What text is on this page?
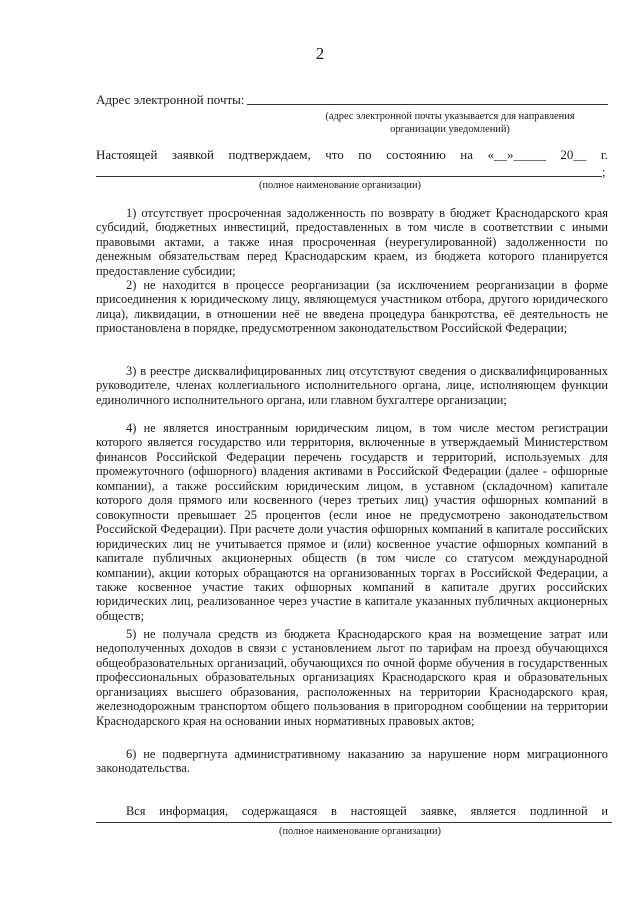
2
Адрес электронной почты:
(адрес электронной почты указывается для направления организации уведомлений)
Настоящей заявкой подтверждаем, что по состоянию на «__»_____ 20__ г.
;
(полное наименование организации)
1) отсутствует просроченная задолженность по возврату в бюджет Краснодарского края субсидий, бюджетных инвестиций, предоставленных в том числе в соответствии с иными правовыми актами, а также иная просроченная (неурегулированной) задолженности по денежным обязательствам перед Краснодарским краем, из бюджета которого планируется предоставление субсидии;
2) не находится в процессе реорганизации (за исключением реорганизации в форме присоединения к юридическому лицу, являющемуся участником отбора, другого юридического лица), ликвидации, в отношении неё не введена процедура банкротства, её деятельность не приостановлена в порядке, предусмотренном законодательством Российской Федерации;
3) в реестре дисквалифицированных лиц отсутствуют сведения о дисквалифицированных руководителе, членах коллегиального исполнительного органа, лице, исполняющем функции единоличного исполнительного органа, или главном бухгалтере организации;
4) не является иностранным юридическим лицом, в том числе местом регистрации которого является государство или территория, включенные в утверждаемый Министерством финансов Российской Федерации перечень государств и территорий, используемых для промежуточного (офшорного) владения активами в Российской Федерации (далее - офшорные компании), а также российским юридическим лицом, в уставном (складочном) капитале которого доля прямого или косвенного (через третьих лиц) участия офшорных компаний в совокупности превышает 25 процентов (если иное не предусмотрено законодательством Российской Федерации). При расчете доли участия офшорных компаний в капитале российских юридических лиц не учитывается прямое и (или) косвенное участие офшорных компаний в капитале публичных акционерных обществ (в том числе со статусом международной компании), акции которых обращаются на организованных торгах в Российской Федерации, а также косвенное участие таких офшорных компаний в капитале других российских юридических лиц, реализованное через участие в капитале указанных публичных акционерных обществ;
5) не получала средств из бюджета Краснодарского края на возмещение затрат или недополученных доходов в связи с установлением льгот по тарифам на проезд обучающихся общеобразовательных организаций, обучающихся по очной форме обучения в государственных профессиональных образовательных организациях Краснодарского края и образовательных организациях высшего образования, расположенных на территории Краснодарского края, железнодорожным транспортом общего пользования в пригородном сообщении на территории Краснодарского края на основании иных нормативных правовых актов;
6) не подвергнута административному наказанию за нарушение норм миграционного законодательства.
Вся информация, содержащаяся в настоящей заявке, является подлинной и
(полное наименование организации)
